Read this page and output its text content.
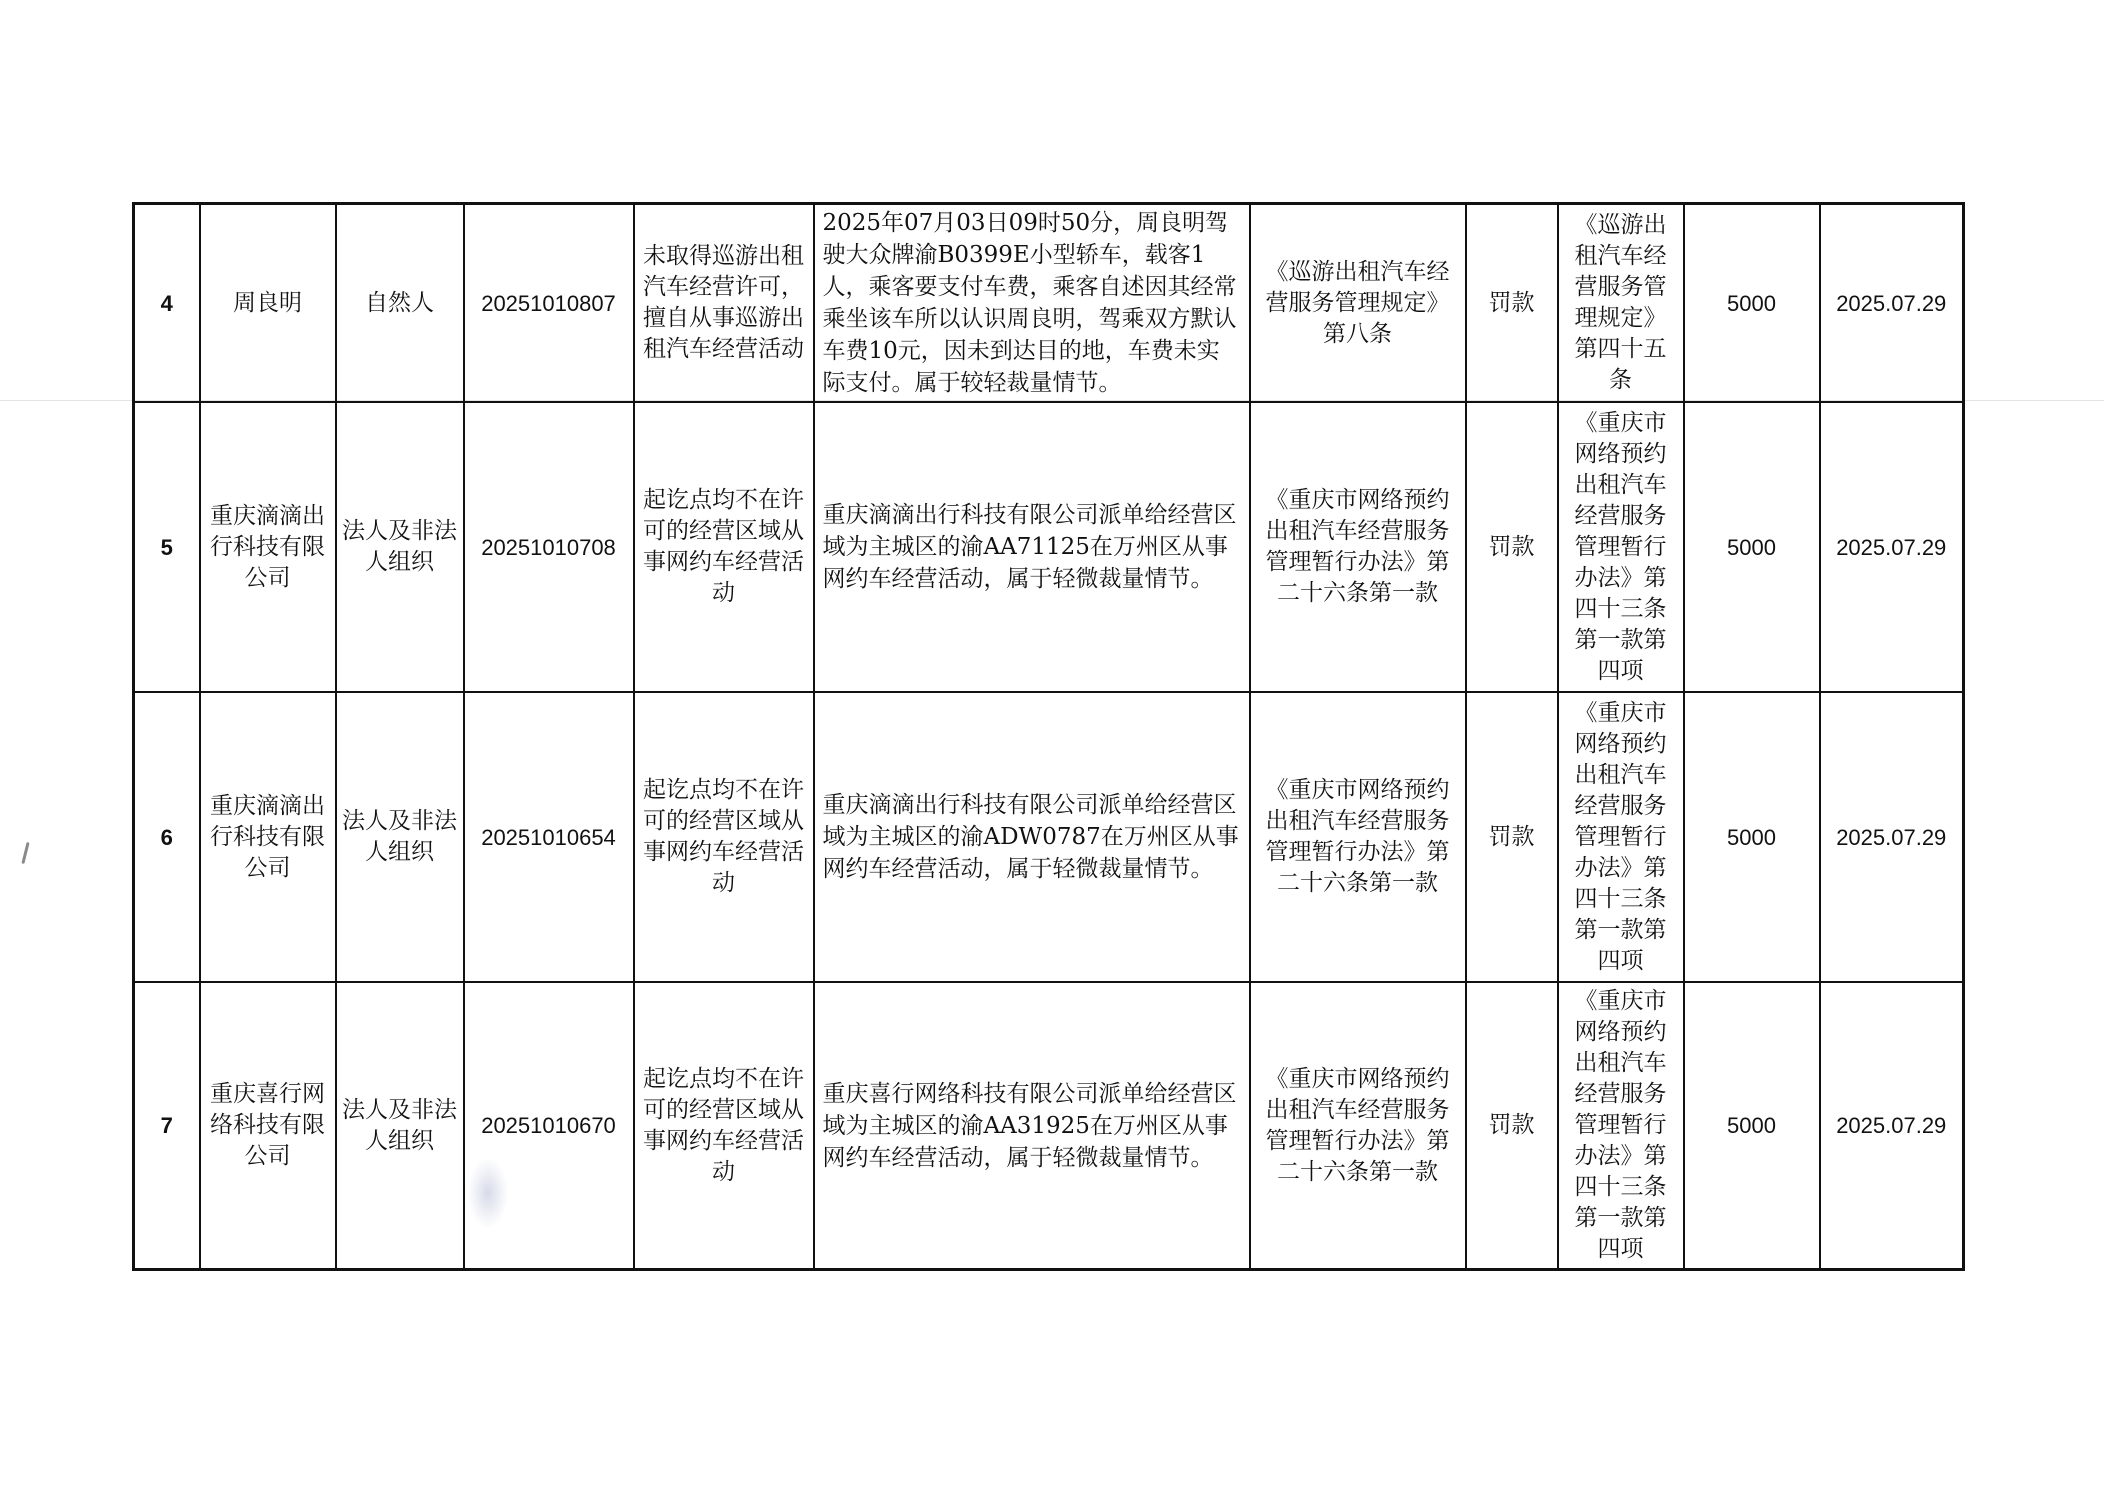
4	周良明	自然人	20251010807	未取得巡游出租汽车经营许可，擅自从事巡游出租汽车经营活动	2025年07月03日09时50分，周良明驾驶大众牌渝B0399E小型轿车，载客1人，乘客要支付车费，乘客自述因其经常乘坐该车所以认识周良明，驾乘双方默认车费10元，因未到达目的地，车费未实际支付。属于较轻裁量情节。	《巡游出租汽车经营服务管理规定》第八条	罚款	《巡游出租汽车经营服务管理规定》第四十五条	5000	2025.07.29
5	重庆滴滴出行科技有限公司	法人及非法人组织	20251010708	起讫点均不在许可的经营区域从事网约车经营活动	重庆滴滴出行科技有限公司派单给经营区域为主城区的渝AA71125在万州区从事网约车经营活动，属于轻微裁量情节。	《重庆市网络预约出租汽车经营服务管理暂行办法》第二十六条第一款	罚款	《重庆市网络预约出租汽车经营服务管理暂行办法》第四十三条第一款第四项	5000	2025.07.29
6	重庆滴滴出行科技有限公司	法人及非法人组织	20251010654	起讫点均不在许可的经营区域从事网约车经营活动	重庆滴滴出行科技有限公司派单给经营区域为主城区的渝ADW0787在万州区从事网约车经营活动，属于轻微裁量情节。	《重庆市网络预约出租汽车经营服务管理暂行办法》第二十六条第一款	罚款	《重庆市网络预约出租汽车经营服务管理暂行办法》第四十三条第一款第四项	5000	2025.07.29
7	重庆喜行网络科技有限公司	法人及非法人组织	20251010670	起讫点均不在许可的经营区域从事网约车经营活动	重庆喜行网络科技有限公司派单给经营区域为主城区的渝AA31925在万州区从事网约车经营活动，属于轻微裁量情节。	《重庆市网络预约出租汽车经营服务管理暂行办法》第二十六条第一款	罚款	《重庆市网络预约出租汽车经营服务管理暂行办法》第四十三条第一款第四项	5000	2025.07.29
